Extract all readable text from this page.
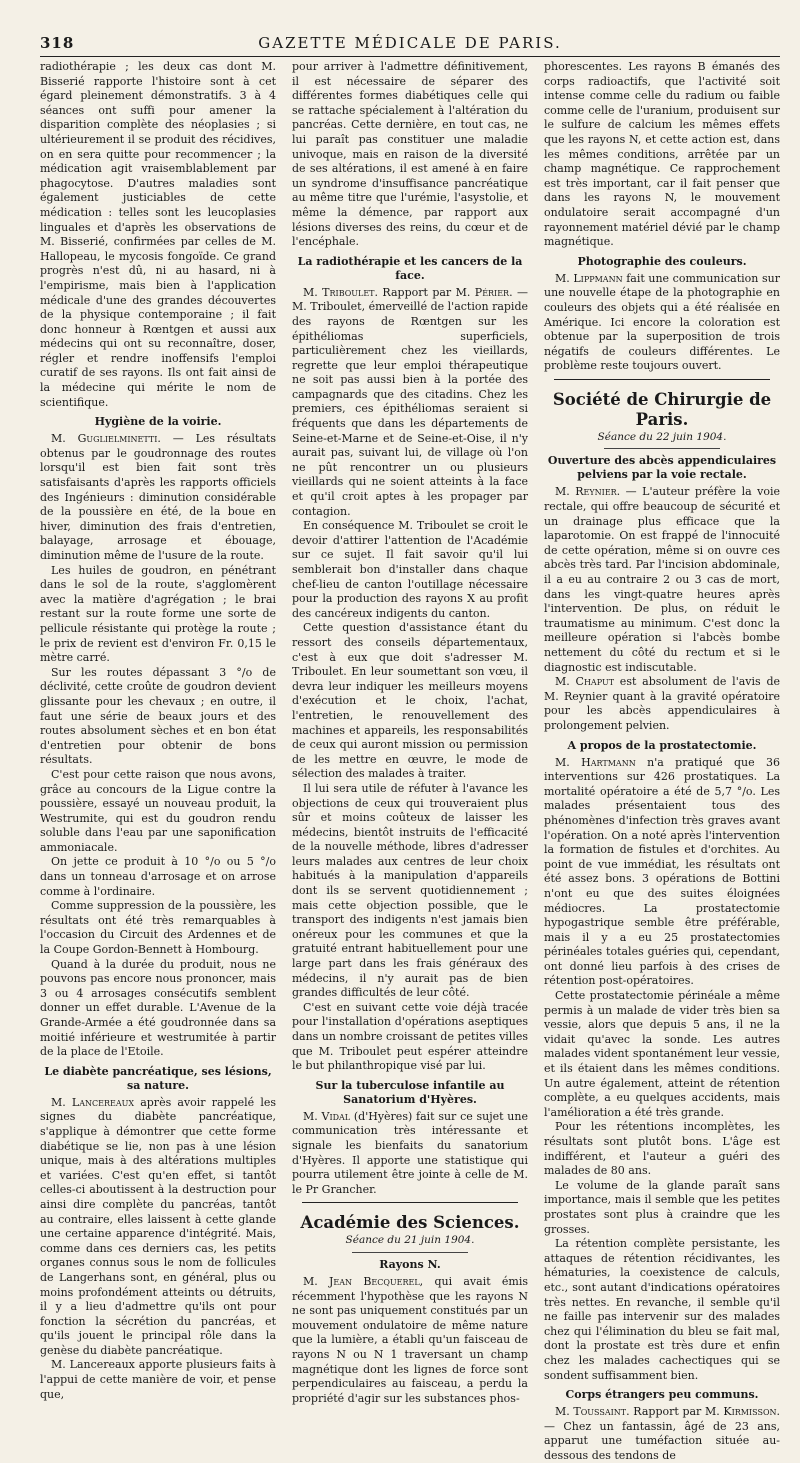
318	GAZETTE MÉDICALE DE PARIS.

radiothérapie ; les deux cas dont M. Bisserié rapporte l'histoire sont à cet égard pleinement démonstratifs. 3 à 4 séances ont suffi pour amener la disparition complète des néoplasies ; si ultérieurement il se produit des récidives, on en sera quitte pour recommencer ; la médication agit vraisemblablement par phagocytose. D'autres maladies sont également justiciables de cette médication : telles sont les leucoplasies linguales et d'après les observations de M. Bisserié, confirmées par celles de M. Hallopeau, le mycosis fongoïde. Ce grand progrès n'est dû, ni au hasard, ni à l'empirisme, mais bien à l'application médicale d'une des grandes découvertes de la physique contemporaine ; il fait donc honneur à Rœntgen et aussi aux médecins qui ont su reconnaître, doser, régler et rendre inoffensifs l'emploi curatif de ses rayons. Ils ont fait ainsi de la médecine qui mérite le nom de scientifique.

Hygiène de la voirie.

M. Guglielminetti. — Les résultats obtenus par le goudronnage des routes lorsqu'il est bien fait sont très satisfaisants d'après les rapports officiels des Ingénieurs : diminution considérable de la poussière en été, de la boue en hiver, diminution des frais d'entretien, balayage, arrosage et ébouage, diminution même de l'usure de la route.

Les huiles de goudron, en pénétrant dans le sol de la route, s'agglomèrent avec la matière d'agrégation ; le brai restant sur la route forme une sorte de pellicule résistante qui protège la route ; le prix de revient est d'environ Fr. 0,15 le mètre carré.

Sur les routes dépassant 3 °/o de déclivité, cette croûte de goudron devient glissante pour les chevaux ; en outre, il faut une série de beaux jours et des routes absolument sèches et en bon état d'entretien pour obtenir de bons résultats.

C'est pour cette raison que nous avons, grâce au concours de la Ligue contre la poussière, essayé un nouveau produit, la Westrumite, qui est du goudron rendu soluble dans l'eau par une saponification ammoniacale.

On jette ce produit à 10 °/o ou 5 °/o dans un tonneau d'arrosage et on arrose comme à l'ordinaire.

Comme suppression de la poussière, les résultats ont été très remarquables à l'occasion du Circuit des Ardennes et de la Coupe Gordon-Bennett à Hombourg.

Quand à la durée du produit, nous ne pouvons pas encore nous prononcer, mais 3 ou 4 arrosages consécutifs semblent donner un effet durable. L'Avenue de la Grande-Armée a été goudronnée dans sa moitié inférieure et westrumitée à partir de la place de l'Etoile.

Le diabète pancréatique, ses lésions, sa nature.

M. Lancereaux après avoir rappelé les signes du diabète pancréatique, s'applique à démontrer que cette forme diabétique se lie, non pas à une lésion unique, mais à des altérations multiples et variées. C'est qu'en effet, si tantôt celles-ci aboutissent à la destruction pour ainsi dire complète du pancréas, tantôt au contraire, elles laissent à cette glande une certaine apparence d'intégrité. Mais, comme dans ces derniers cas, les petits organes connus sous le nom de follicules de Langerhans sont, en général, plus ou moins profondément atteints ou détruits, il y a lieu d'admettre qu'ils ont pour fonction la sécrétion du pancréas, et qu'ils jouent le principal rôle dans la genèse du diabète pancréatique.

M. Lancereaux apporte plusieurs faits à l'appui de cette manière de voir, et pense que,

pour arriver à l'admettre définitivement, il est nécessaire de séparer des différentes formes diabétiques celle qui se rattache spécialement à l'altération du pancréas. Cette dernière, en tout cas, ne lui paraît pas constituer une maladie univoque, mais en raison de la diversité de ses altérations, il est amené à en faire un syndrome d'insuffisance pancréatique au même titre que l'urémie, l'asystolie, et même la démence, par rapport aux lésions diverses des reins, du cœur et de l'encéphale.

La radiothérapie et les cancers de la face.

M. Triboulet. Rapport par M. Périer. — M. Triboulet, émerveillé de l'action rapide des rayons de Rœntgen sur les épithéliomas superficiels, particulièrement chez les vieillards, regrette que leur emploi thérapeutique ne soit pas aussi bien à la portée des campagnards que des citadins. Chez les premiers, ces épithéliomas seraient si fréquents que dans les départements de Seine-et-Marne et de Seine-et-Oise, il n'y aurait pas, suivant lui, de village où l'on ne pût rencontrer un ou plusieurs vieillards qui ne soient atteints à la face et qu'il croit aptes à les propager par contagion.

En conséquence M. Triboulet se croit le devoir d'attirer l'attention de l'Académie sur ce sujet. Il fait savoir qu'il lui semblerait bon d'installer dans chaque chef-lieu de canton l'outillage nécessaire pour la production des rayons X au profit des cancéreux indigents du canton.

Cette question d'assistance étant du ressort des conseils départementaux, c'est à eux que doit s'adresser M. Triboulet. En leur soumettant son vœu, il devra leur indiquer les meilleurs moyens d'exécution et le choix, l'achat, l'entretien, le renouvellement des machines et appareils, les responsabilités de ceux qui auront mission ou permission de les mettre en œuvre, le mode de sélection des malades à traiter.

Il lui sera utile de réfuter à l'avance les objections de ceux qui trouveraient plus sûr et moins coûteux de laisser les médecins, bientôt instruits de l'efficacité de la nouvelle méthode, libres d'adresser leurs malades aux centres de leur choix habitués à la manipulation d'appareils dont ils se servent quotidiennement ; mais cette objection possible, que le transport des indigents n'est jamais bien onéreux pour les communes et que la gratuité entrant habituellement pour une large part dans les frais généraux des médecins, il n'y aurait pas de bien grandes difficultés de leur côté.

C'est en suivant cette voie déjà tracée pour l'installation d'opérations aseptiques dans un nombre croissant de petites villes que M. Triboulet peut espérer atteindre le but philanthropique visé par lui.

Sur la tuberculose infantile au Sanatorium d'Hyères.

M. Vidal (d'Hyères) fait sur ce sujet une communication très intéressante et signale les bienfaits du sanatorium d'Hyères. Il apporte une statistique qui pourra utilement être jointe à celle de M. le Pr Grancher.

Académie des Sciences.
Séance du 21 juin 1904.
Rayons N.

M. Jean Becquerel, qui avait émis récemment l'hypothèse que les rayons N ne sont pas uniquement constitués par un mouvement ondulatoire de même nature que la lumière, a établi qu'un faisceau de rayons N ou N 1 traversant un champ magnétique dont les lignes de force sont perpendiculaires au faisceau, a perdu la propriété d'agir sur les substances phos-

phorescentes. Les rayons B émanés des corps radioactifs, que l'activité soit intense comme celle du radium ou faible comme celle de l'uranium, produisent sur le sulfure de calcium les mêmes effets que les rayons N, et cette action est, dans les mêmes conditions, arrêtée par un champ magnétique. Ce rapprochement est très important, car il fait penser que dans les rayons N, le mouvement ondulatoire serait accompagné d'un rayonnement matériel dévié par le champ magnétique.

Photographie des couleurs.

M. Lippmann fait une communication sur une nouvelle étape de la photographie en couleurs des objets qui a été réalisée en Amérique. Ici encore la coloration est obtenue par la superposition de trois négatifs de couleurs différentes. Le problème reste toujours ouvert.

Société de Chirurgie de Paris.
Séance du 22 juin 1904.
Ouverture des abcès appendiculaires pelviens par la voie rectale.

M. Reynier. — L'auteur préfère la voie rectale, qui offre beaucoup de sécurité et un drainage plus efficace que la laparotomie. On est frappé de l'innocuité de cette opération, même si on ouvre ces abcès très tard. Par l'incision abdominale, il a eu au contraire 2 ou 3 cas de mort, dans les vingt-quatre heures après l'intervention. De plus, on réduit le traumatisme au minimum. C'est donc la meilleure opération si l'abcès bombe nettement du côté du rectum et si le diagnostic est indiscutable.

M. Chaput est absolument de l'avis de M. Reynier quant à la gravité opératoire pour les abcès appendiculaires à prolongement pelvien.

A propos de la prostatectomie.

M. Hartmann n'a pratiqué que 36 interventions sur 426 prostatiques. La mortalité opératoire a été de 5,7 °/o. Les malades présentaient tous des phénomènes d'infection très graves avant l'opération. On a noté après l'intervention la formation de fistules et d'orchites. Au point de vue immédiat, les résultats ont été assez bons. 3 opérations de Bottini n'ont eu que des suites éloignées médiocres. La prostatectomie hypogastrique semble être préférable, mais il y a eu 25 prostatectomies périnéales totales guéries qui, cependant, ont donné lieu parfois à des crises de rétention post-opératoires.

Cette prostatectomie périnéale a même permis à un malade de vider très bien sa vessie, alors que depuis 5 ans, il ne la vidait qu'avec la sonde. Les autres malades vident spontanément leur vessie, et ils étaient dans les mêmes conditions. Un autre également, atteint de rétention complète, a eu quelques accidents, mais l'amélioration a été très grande.

Pour les rétentions incomplètes, les résultats sont plutôt bons. L'âge est indifférent, et l'auteur a guéri des malades de 80 ans.

Le volume de la glande paraît sans importance, mais il semble que les petites prostates sont plus à craindre que les grosses.

La rétention complète persistante, les attaques de rétention récidivantes, les hématuries, la coexistence de calculs, etc., sont autant d'indications opératoires très nettes. En revanche, il semble qu'il ne faille pas intervenir sur des malades chez qui l'élimination du bleu se fait mal, dont la prostate est très dure et enfin chez les malades cachectiques qui se sondent suffisamment bien.

Corps étrangers peu communs.

M. Toussaint. Rapport par M. Kirmisson. — Chez un fantassin, âgé de 23 ans, apparut une tuméfaction située au-dessous des tendons de
